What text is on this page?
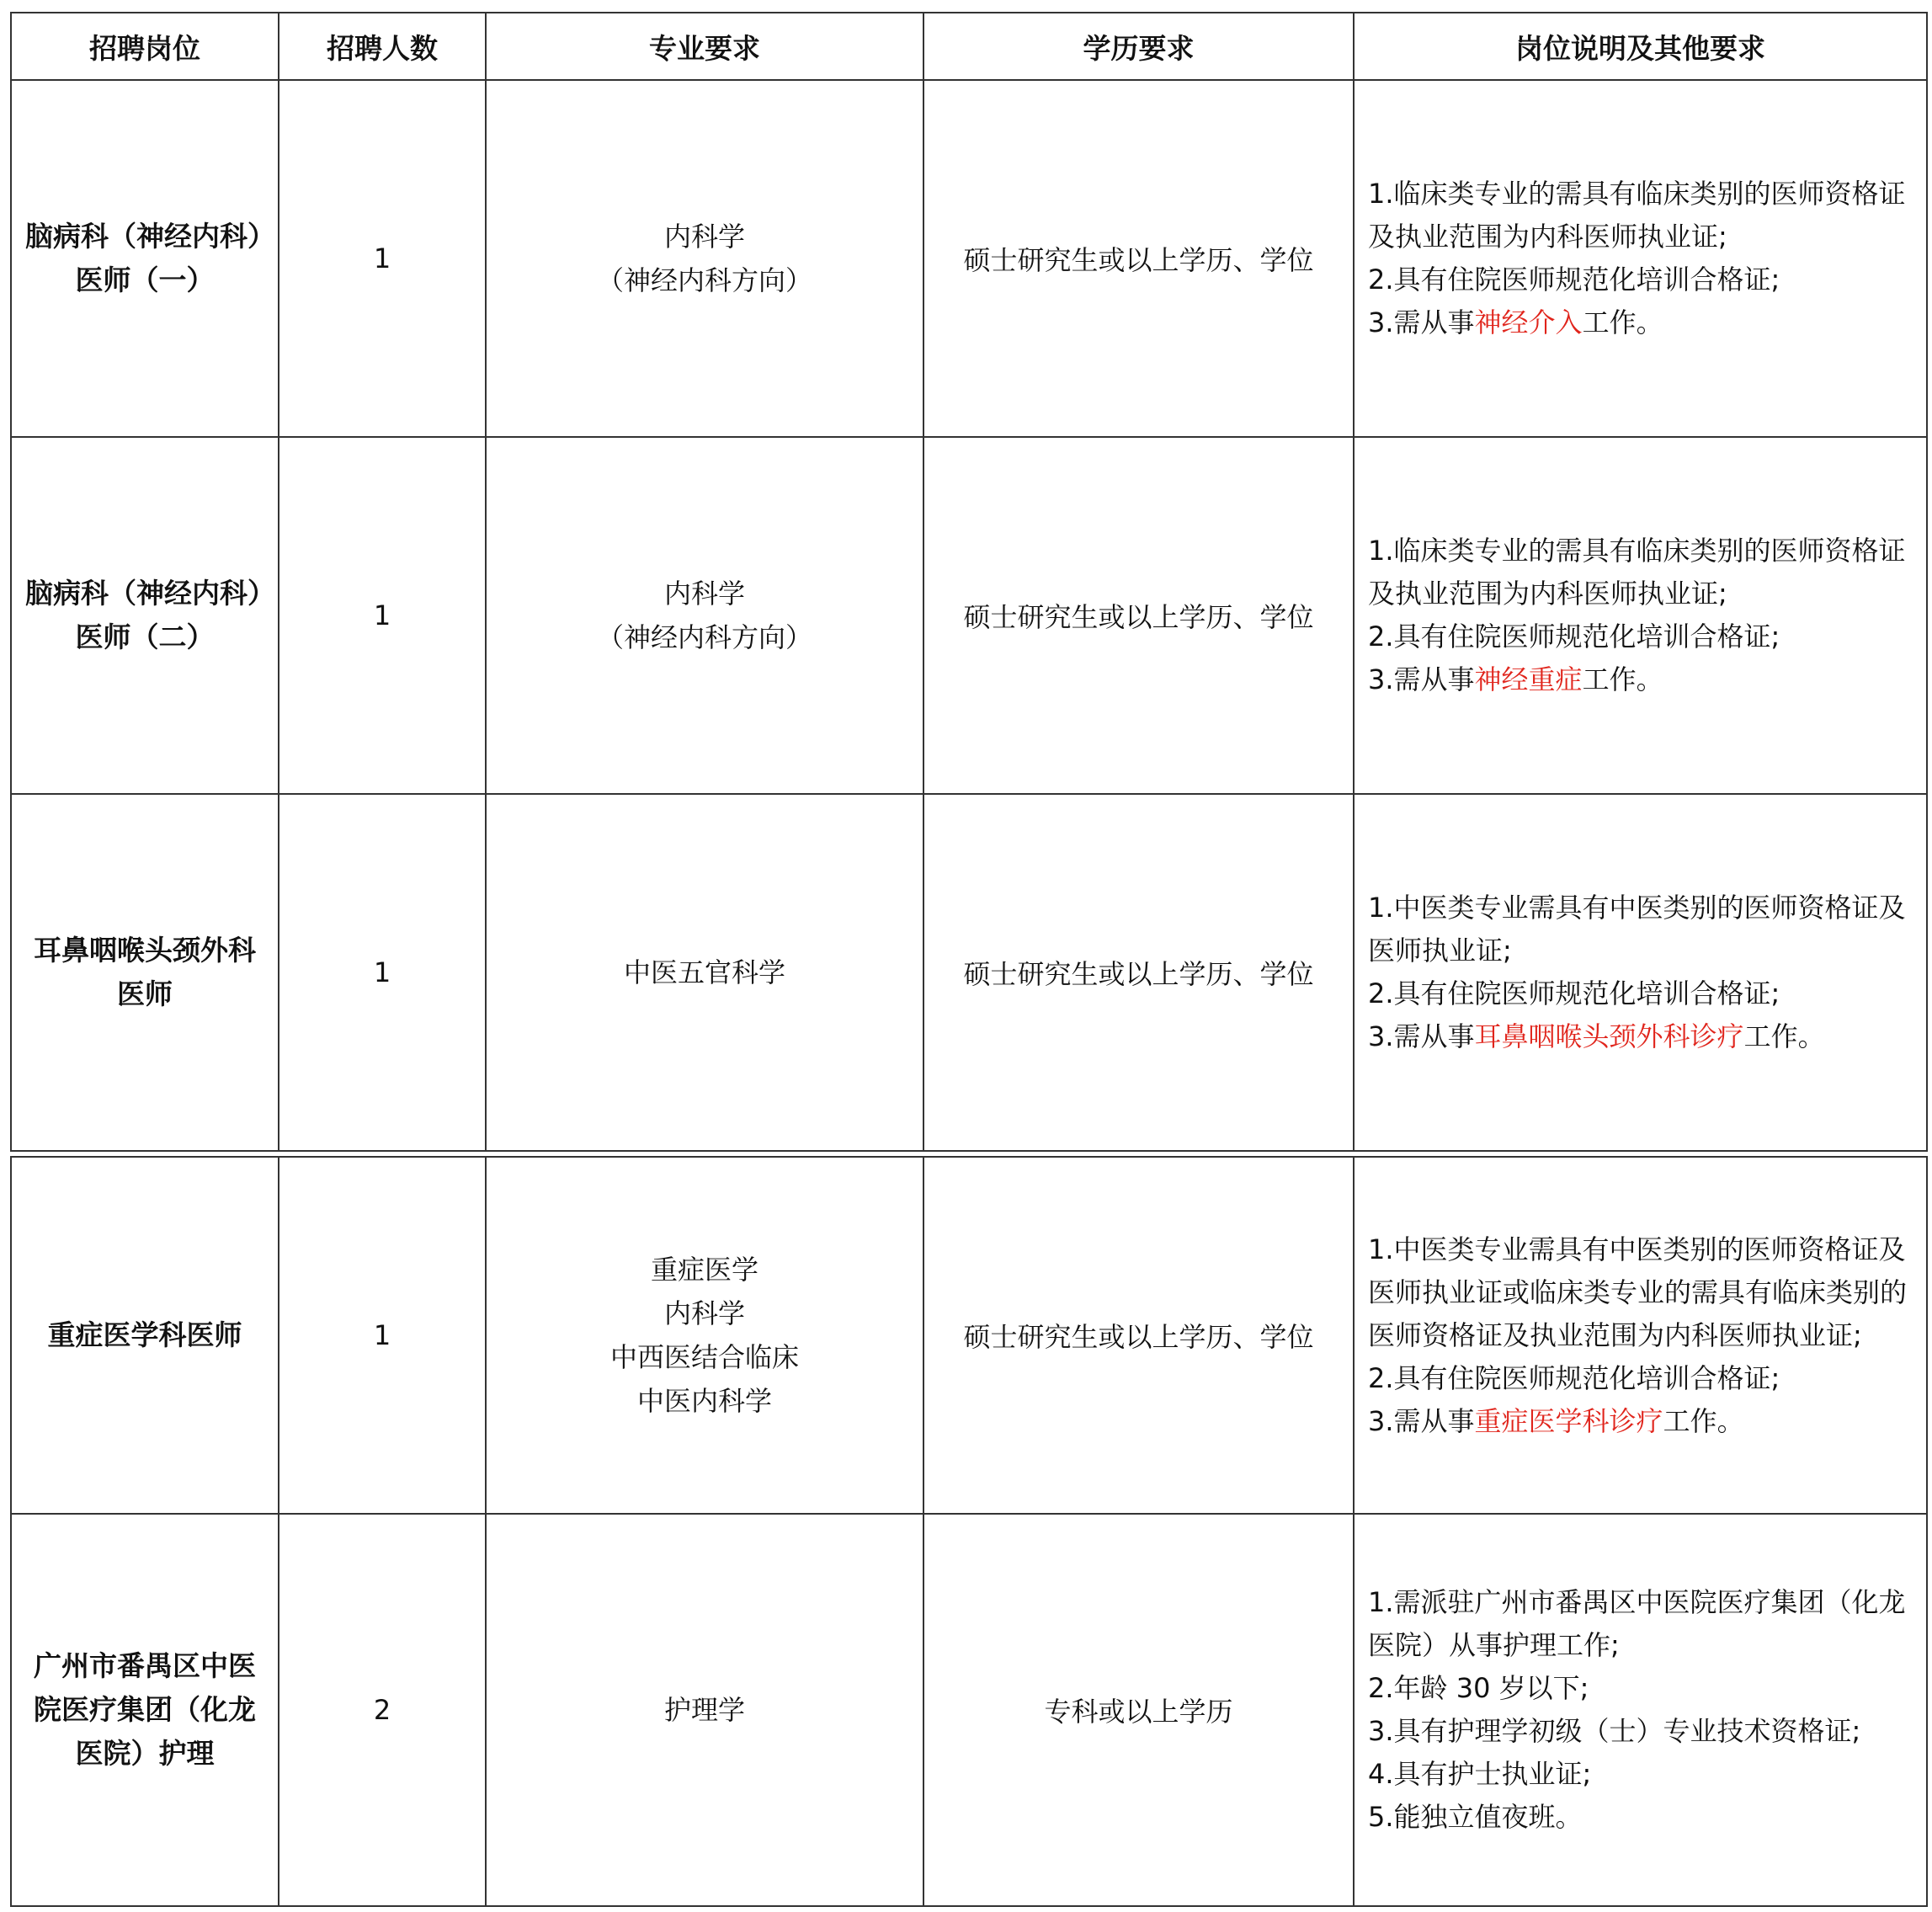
招聘岗位	招聘人数	专业要求	学历要求	岗位说明及其他要求

脑病科（神经内科）
医师（一）	1	内科学
（神经内科方向）	硕士研究生或以上学历、学位	1.临床类专业的需具有临床类别的医师资格证及执业范围为内科医师执业证;
2.具有住院医师规范化培训合格证;
3.需从事神经介入工作。

脑病科（神经内科）
医师（二）	1	内科学
（神经内科方向）	硕士研究生或以上学历、学位	1.临床类专业的需具有临床类别的医师资格证及执业范围为内科医师执业证;
2.具有住院医师规范化培训合格证;
3.需从事神经重症工作。

耳鼻咽喉头颈外科
医师	1	中医五官科学	硕士研究生或以上学历、学位	1.中医类专业需具有中医类别的医师资格证及医师执业证;
2.具有住院医师规范化培训合格证;
3.需从事耳鼻咽喉头颈外科诊疗工作。
重症医学科医师	1	重症医学
内科学
中西医结合临床
中医内科学	硕士研究生或以上学历、学位	1.中医类专业需具有中医类别的医师资格证及医师执业证或临床类专业的需具有临床类别的医师资格证及执业范围为内科医师执业证;
2.具有住院医师规范化培训合格证;
3.需从事重症医学科诊疗工作。

广州市番禺区中医
院医疗集团（化龙
医院）护理	2	护理学	专科或以上学历	1.需派驻广州市番禺区中医院医疗集团（化龙医院）从事护理工作;
2.年龄 30 岁以下;
3.具有护理学初级（士）专业技术资格证;
4.具有护士执业证;
5.能独立值夜班。
